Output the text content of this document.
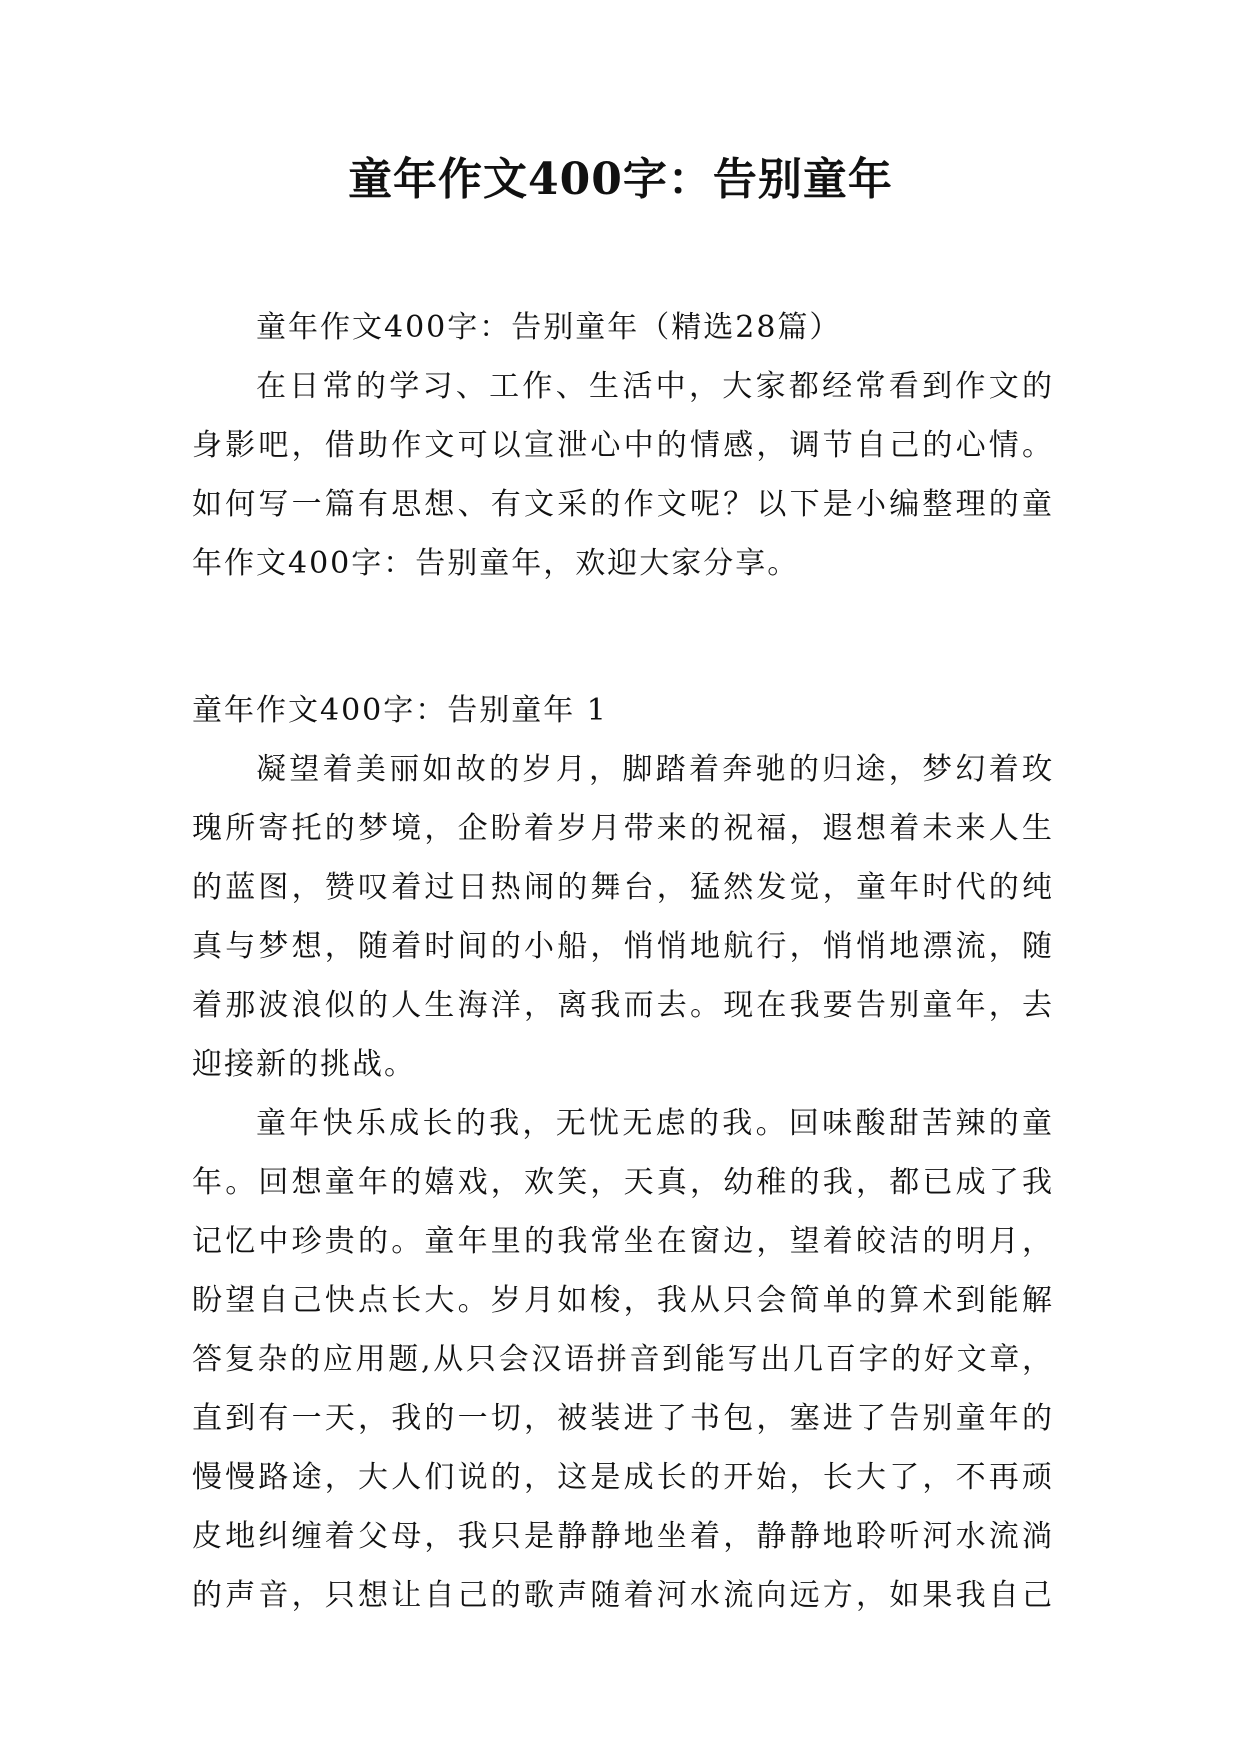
童年作文400字：告别童年
童年作文400字：告别童年（精选28篇）
在日常的学习、工作、生活中，大家都经常看到作文的
身影吧，借助作文可以宣泄心中的情感，调节自己的心情。
如何写一篇有思想、有文采的作文呢？以下是小编整理的童
年作文400字：告别童年，欢迎大家分享。
童年作文400字：告别童年 1
凝望着美丽如故的岁月，脚踏着奔驰的归途，梦幻着玫
瑰所寄托的梦境，企盼着岁月带来的祝福，遐想着未来人生
的蓝图，赞叹着过日热闹的舞台，猛然发觉，童年时代的纯
真与梦想，随着时间的小船，悄悄地航行，悄悄地漂流，随
着那波浪似的人生海洋，离我而去。现在我要告别童年，去
迎接新的挑战。
童年快乐成长的我，无忧无虑的我。回味酸甜苦辣的童
年。回想童年的嬉戏，欢笑，天真，幼稚的我，都已成了我
记忆中珍贵的。童年里的我常坐在窗边，望着皎洁的明月，
盼望自己快点长大。岁月如梭，我从只会简单的算术到能解
答复杂的应用题,从只会汉语拼音到能写出几百字的好文章，
直到有一天，我的一切，被装进了书包，塞进了告别童年的
慢慢路途，大人们说的，这是成长的开始，长大了，不再顽
皮地纠缠着父母，我只是静静地坐着，静静地聆听河水流淌
的声音，只想让自己的歌声随着河水流向远方，如果我自己
